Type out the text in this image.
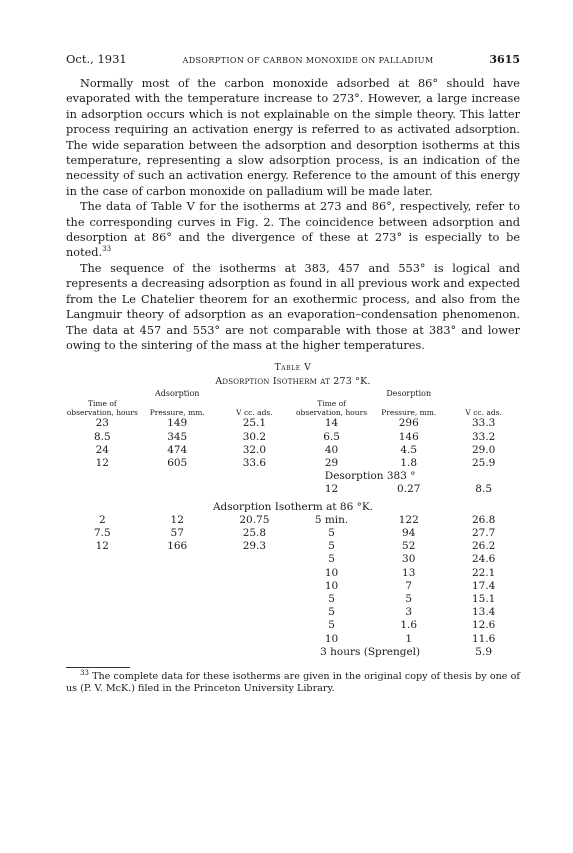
Oct., 1931	ADSORPTION OF CARBON MONOXIDE ON PALLADIUM	3615

Normally most of the carbon monoxide adsorbed at 86° should have evaporated with the temperature increase to 273°. However, a large increase in adsorption occurs which is not explainable on the simple theory. This latter process requiring an activation energy is referred to as activated adsorption. The wide separation between the adsorption and desorption isotherms at this temperature, representing a slow adsorption process, is an indication of the necessity of such an activation energy. Reference to the amount of this energy in the case of carbon monoxide on palladium will be made later.

The data of Table V for the isotherms at 273 and 86°, respectively, refer to the corresponding curves in Fig. 2. The coincidence between adsorption and desorption at 86° and the divergence of these at 273° is especially to be noted.$^{33}$

The sequence of the isotherms at 383, 457 and 553° is logical and represents a decreasing adsorption as found in all previous work and expected from the Le Chatelier theorem for an exothermic process, and also from the Langmuir theory of adsorption as an evaporation–condensation phenomenon. The data at 457 and 553° are not comparable with those at 383° and lower owing to the sintering of the mass at the higher temperatures.

Table V
Adsorption Isotherm at 273 °K.
	Adsorption			Desorption	
Time of observation, hours	Pressure, mm.	V cc. ads.	Time of observation, hours	Pressure, mm.	V cc. ads.
23	149	25.1	14	296	33.3
8.5	345	30.2	6.5	146	33.2
24	474	32.0	40	4.5	29.0
12	605	33.6	29	1.8	25.9
			Desorption 383 °		
			12	0.27	8.5
Adsorption Isotherm at 86 °K.					
2	12	20.75	5 min.	122	26.8
7.5	57	25.8	5	94	27.7
12	166	29.3	5	52	26.2
			5	30	24.6
			10	13	22.1
			10	7	17.4
			5	5	15.1
			5	3	13.4
			5	1.6	12.6
			10	1	11.6
			3 hours (Sprengel)		5.9

$^{33}$ The complete data for these isotherms are given in the original copy of thesis by one of us (P. V. McK.) filed in the Princeton University Library.
